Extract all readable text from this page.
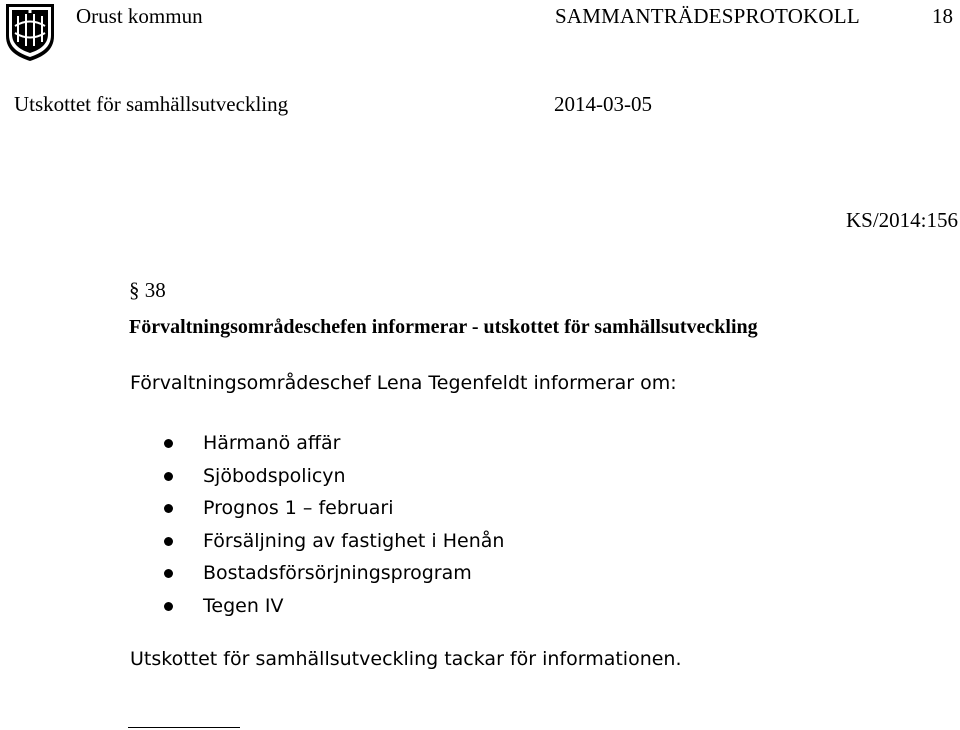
Orust kommun	SAMMANTRÄDESPROTOKOLL	18
Utskottet för samhällsutveckling	2014-03-05
KS/2014:156
§ 38
Förvaltningsområdeschefen informerar - utskottet för samhällsutveckling
Förvaltningsområdeschef Lena Tegenfeldt informerar om:
Härmanö affär
Sjöbodspolicyn
Prognos 1 – februari
Försäljning av fastighet i Henån
Bostadsförsörjningsprogram
Tegen IV
Utskottet för samhällsutveckling tackar för informationen.
